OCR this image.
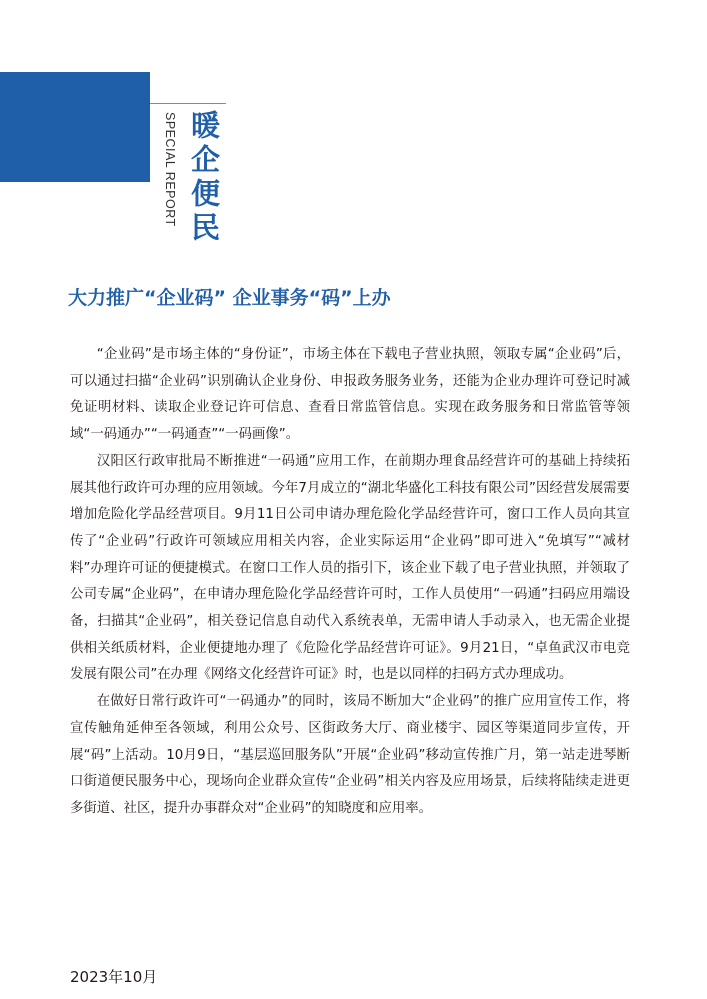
SPECIAL REPORT 暖企便民
大力推广“企业码” 企业事务“码”上办

“企业码”是市场主体的“身份证”，市场主体在下载电子营业执照，领取专属“企业码”后，可以通过扫描“企业码”识别确认企业身份、申报政务服务业务，还能为企业办理许可登记时减免证明材料、读取企业登记许可信息、查看日常监管信息。实现在政务服务和日常监管等领域“一码通办”“一码通查”“一码画像”。

汉阳区行政审批局不断推进“一码通”应用工作，在前期办理食品经营许可的基础上持续拓展其他行政许可办理的应用领域。今年7月成立的“湖北华盛化工科技有限公司”因经营发展需要增加危险化学品经营项目。9月11日公司申请办理危险化学品经营许可，窗口工作人员向其宣传了“企业码”行政许可领域应用相关内容，企业实际运用“企业码”即可进入“免填写”“减材料”办理许可证的便捷模式。在窗口工作人员的指引下，该企业下载了电子营业执照，并领取了公司专属“企业码”，在申请办理危险化学品经营许可时，工作人员使用“一码通”扫码应用端设备，扫描其“企业码”，相关登记信息自动代入系统表单，无需申请人手动录入，也无需企业提供相关纸质材料，企业便捷地办理了《危险化学品经营许可证》。9月21日，“卓鱼武汉市电竞发展有限公司”在办理《网络文化经营许可证》时，也是以同样的扫码方式办理成功。

在做好日常行政许可“一码通办”的同时，该局不断加大“企业码”的推广应用宣传工作，将宣传触角延伸至各领域，利用公众号、区街政务大厅、商业楼宇、园区等渠道同步宣传，开展“码”上活动。10月9日，“基层巡回服务队”开展“企业码”移动宣传推广月，第一站走进琴断口街道便民服务中心，现场向企业群众宣传“企业码”相关内容及应用场景，后续将陆续走进更多街道、社区，提升办事群众对“企业码”的知晓度和应用率。

2023年10月
